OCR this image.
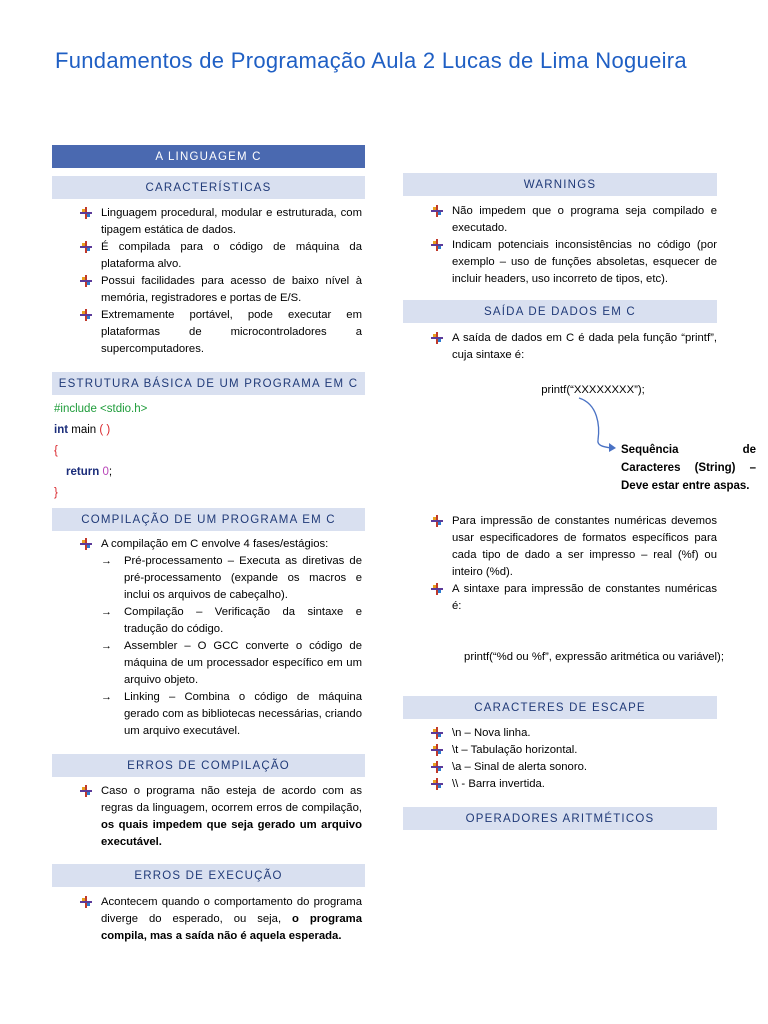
Fundamentos de Programação Aula 2 Lucas de Lima Nogueira
A LINGUAGEM C
CARACTERÍSTICAS
Linguagem procedural, modular e estruturada, com tipagem estática de dados.
É compilada para o código de máquina da plataforma alvo.
Possui facilidades para acesso de baixo nível à memória, registradores e portas de E/S.
Extremamente portável, pode executar em plataformas de microcontroladores a supercomputadores.
ESTRUTURA BÁSICA DE UM PROGRAMA EM C
#include <stdio.h>
int main ( )
{
return 0;
}
COMPILAÇÃO DE UM PROGRAMA EM C
A compilação em C envolve 4 fases/estágios:
→ Pré-processamento – Executa as diretivas de pré-processamento (expande os macros e inclui os arquivos de cabeçalho).
→ Compilação – Verificação da sintaxe e tradução do código.
→ Assembler – O GCC converte o código de máquina de um processador específico em um arquivo objeto.
→ Linking – Combina o código de máquina gerado com as bibliotecas necessárias, criando um arquivo executável.
ERROS DE COMPILAÇÃO
Caso o programa não esteja de acordo com as regras da linguagem, ocorrem erros de compilação, os quais impedem que seja gerado um arquivo executável.
ERROS DE EXECUÇÃO
Acontecem quando o comportamento do programa diverge do esperado, ou seja, o programa compila, mas a saída não é aquela esperada.
WARNINGS
Não impedem que o programa seja compilado e executado.
Indicam potenciais inconsistências no código (por exemplo – uso de funções absoletas, esquecer de incluir headers, uso incorreto de tipos, etc).
SAÍDA DE DADOS EM C
A saída de dados em C é dada pela função “printf”, cuja sintaxe é:
printf(“XXXXXXXX”);
Sequência de Caracteres (String) – Deve estar entre aspas.
Para impressão de constantes numéricas devemos usar especificadores de formatos específicos para cada tipo de dado a ser impresso – real (%f) ou inteiro (%d).
A sintaxe para impressão de constantes numéricas é:
printf(“%d ou %f”, expressão aritmética ou variável);
CARACTERES DE ESCAPE
\n – Nova linha.
\t – Tabulação horizontal.
\a – Sinal de alerta sonoro.
\\ - Barra invertida.
OPERADORES ARITMÉTICOS
